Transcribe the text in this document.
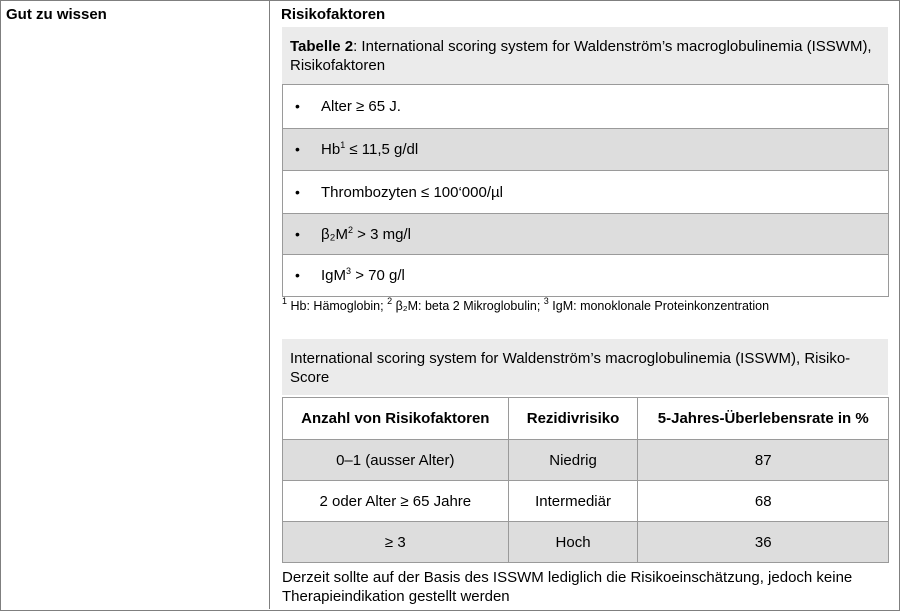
Gut zu wissen	Risikofaktoren
Tabelle 2: International scoring system for Waldenström’s macroglobulinemia (ISSWM), Risikofaktoren
• Alter ≥ 65 J.
• $Hb^1 \le 11,5$ g/dl
• Thrombozyten ≤ 100‘000/µl
• $\beta_2M^2 > 3$ mg/l
• IgM$^3$ > 70 g/l
$^1$ Hb: Hämoglobin; $^2$ β₂M: beta 2 Mikroglobulin; $^3$ IgM: monoklonale Proteinkonzentration
International scoring system for Waldenström’s macroglobulinemia (ISSWM), Risiko-Score
Anzahl von Risikofaktoren	Rezidivrisiko	5-Jahres-Überlebensrate in %
0–1 (ausser Alter)	Niedrig	87
2 oder Alter ≥ 65 Jahre	Intermediär	68
≥ 3	Hoch	36
Derzeit sollte auf der Basis des ISSWM lediglich die Risikoeinschätzung, jedoch keine Therapieindikation gestellt werden
